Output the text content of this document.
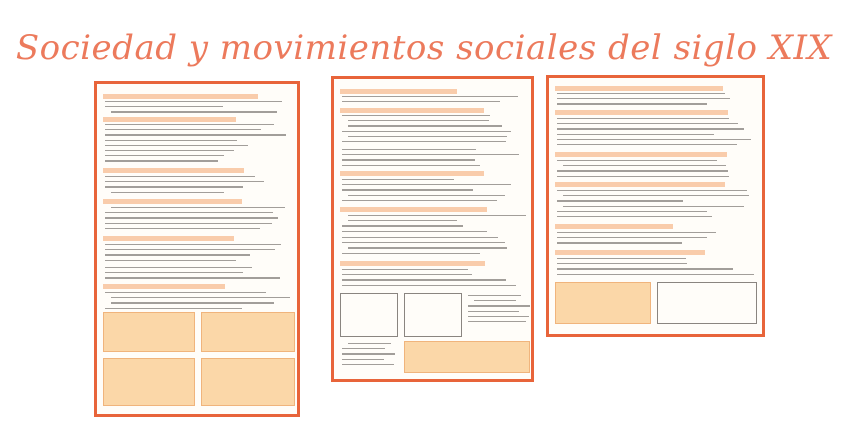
Sociedad y movimientos sociales del siglo XIX
